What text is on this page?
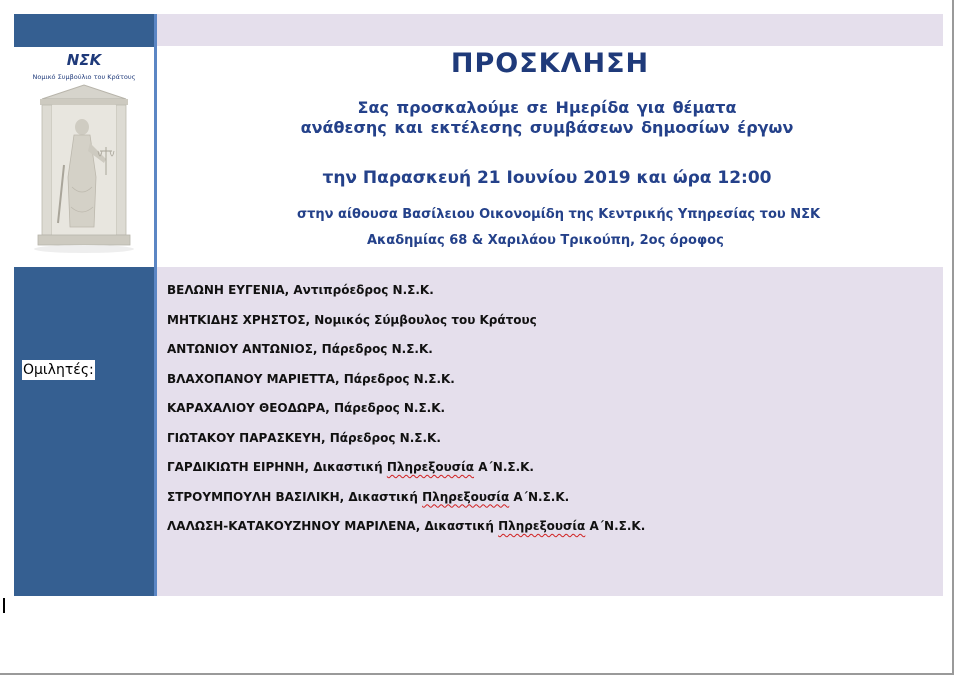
ΝΣΚ
Νομικό Συμβούλιο του Κράτους	ΠΡΟΣΚΛΗΣΗ
Σας προσκαλούμε σε Ημερίδα για θέματα
ανάθεσης και εκτέλεσης συμβάσεων δημοσίων έργων
την Παρασκευή 21 Ιουνίου 2019 και ώρα 12:00
στην αίθουσα Βασίλειου Οικονομίδη της Κεντρικής Υπηρεσίας του ΝΣΚ
Ακαδημίας 68 & Χαριλάου Τρικούπη, 2ος όροφος
ΒΕΛΩΝΗ ΕΥΓΕΝΙΑ, Αντιπρόεδρος Ν.Σ.Κ.
ΜΗΤΚΙΔΗΣ ΧΡΗΣΤΟΣ, Νομικός Σύμβουλος του Κράτους
ΑΝΤΩΝΙΟΥ ΑΝΤΩΝΙΟΣ, Πάρεδρος Ν.Σ.Κ.
ΒΛΑΧΟΠΑΝΟΥ ΜΑΡΙΕΤΤΑ, Πάρεδρος Ν.Σ.Κ.
ΚΑΡΑΧΑΛΙΟΥ ΘΕΟΔΩΡΑ, Πάρεδρος Ν.Σ.Κ.
ΓΙΩΤΑΚΟΥ ΠΑΡΑΣΚΕΥΗ, Πάρεδρος Ν.Σ.Κ.
ΓΑΡΔΙΚΙΩΤΗ ΕΙΡΗΝΗ, Δικαστική Πληρεξουσία Α΄Ν.Σ.Κ.
ΣΤΡΟΥΜΠΟΥΛΗ ΒΑΣΙΛΙΚΗ, Δικαστική Πληρεξουσία Α΄Ν.Σ.Κ.
ΛΑΛΩΣΗ-ΚΑΤΑΚΟΥΖΗΝΟΥ ΜΑΡΙΛΕΝΑ, Δικαστική Πληρεξουσία Α΄Ν.Σ.Κ.
Ομιλητές:
